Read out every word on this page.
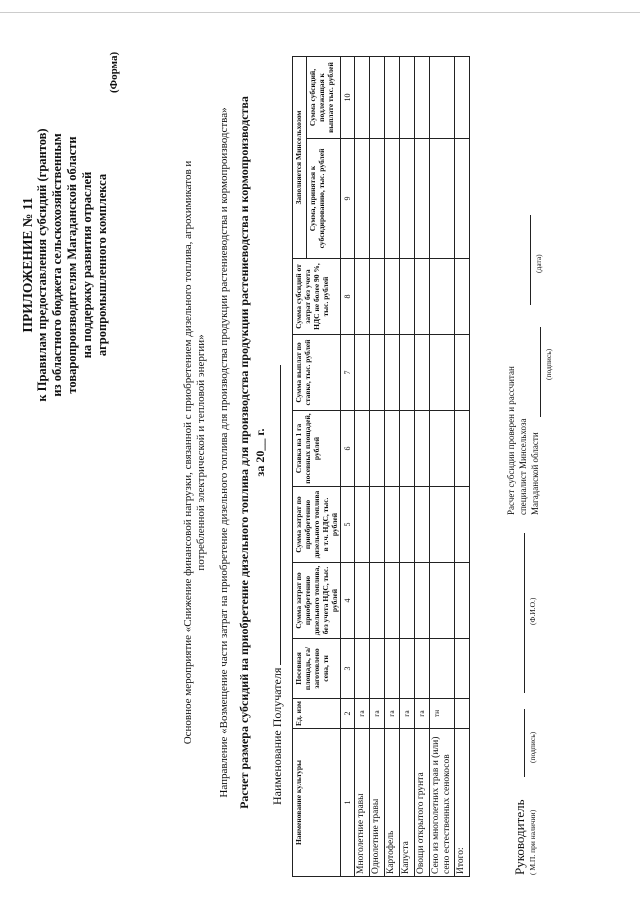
ПРИЛОЖЕНИЕ № 11 к Правилам предоставления субсидий (грантов) из областного бюджета сельскохозяйственным товаропроизводителям Магаданской области на поддержку развития отраслей агропромышленного комплекса
(Форма)
Основное мероприятие «Снижение финансовой нагрузки, связанной с приобретением дизельного топлива, агрохимикатов и потребленной электрической и тепловой энергии» Направление «Возмещение части затрат на приобретение дизельного топлива для производства продукции растениеводства и кормопроизводства» Расчет размера субсидий на приобретение дизельного топлива для производства продукции растениеводства и кормопроизводства за 20__ г.
Наименование Получателя Наименование культуры	Ед. изм	Посевная площадь, га/ заготовлено сена, тн	Сумма затрат по приобретению дизельного топлива, без учета НДС, тыс. рублей	Сумма затрат по приобретению дизельного топлива в т.ч. НДС, тыс. рублей	Ставка на 1 га посевных площадей, рублей	Сумма выплат по ставке, тыс. рублей	Сумма субсидий от затрат без учета НДС не более 90 %, тыс. рублей	Заполняется Минсельхозом	
								Сумма, принятая к субсидированию, тыс. рублей	Сумма субсидий, подлежащая к выплате тыс. рублей
1	2	3	4	5	6	7	8	9	10
Многолетние травы	га								
Однолетние травы	га								
Картофель	га								
Капуста	га								
Овощи открытого грунта	га								
Сено из многолетних трав и (или) сено естественных сенокосов	тн								
Итого:										Руководитель ( М.П. при наличии)
(подпись)
(Ф.И.О.)
Расчет субсидии проверен и рассчитан специалист Минсельхоза Магаданской области
(подпись)
(дата)
